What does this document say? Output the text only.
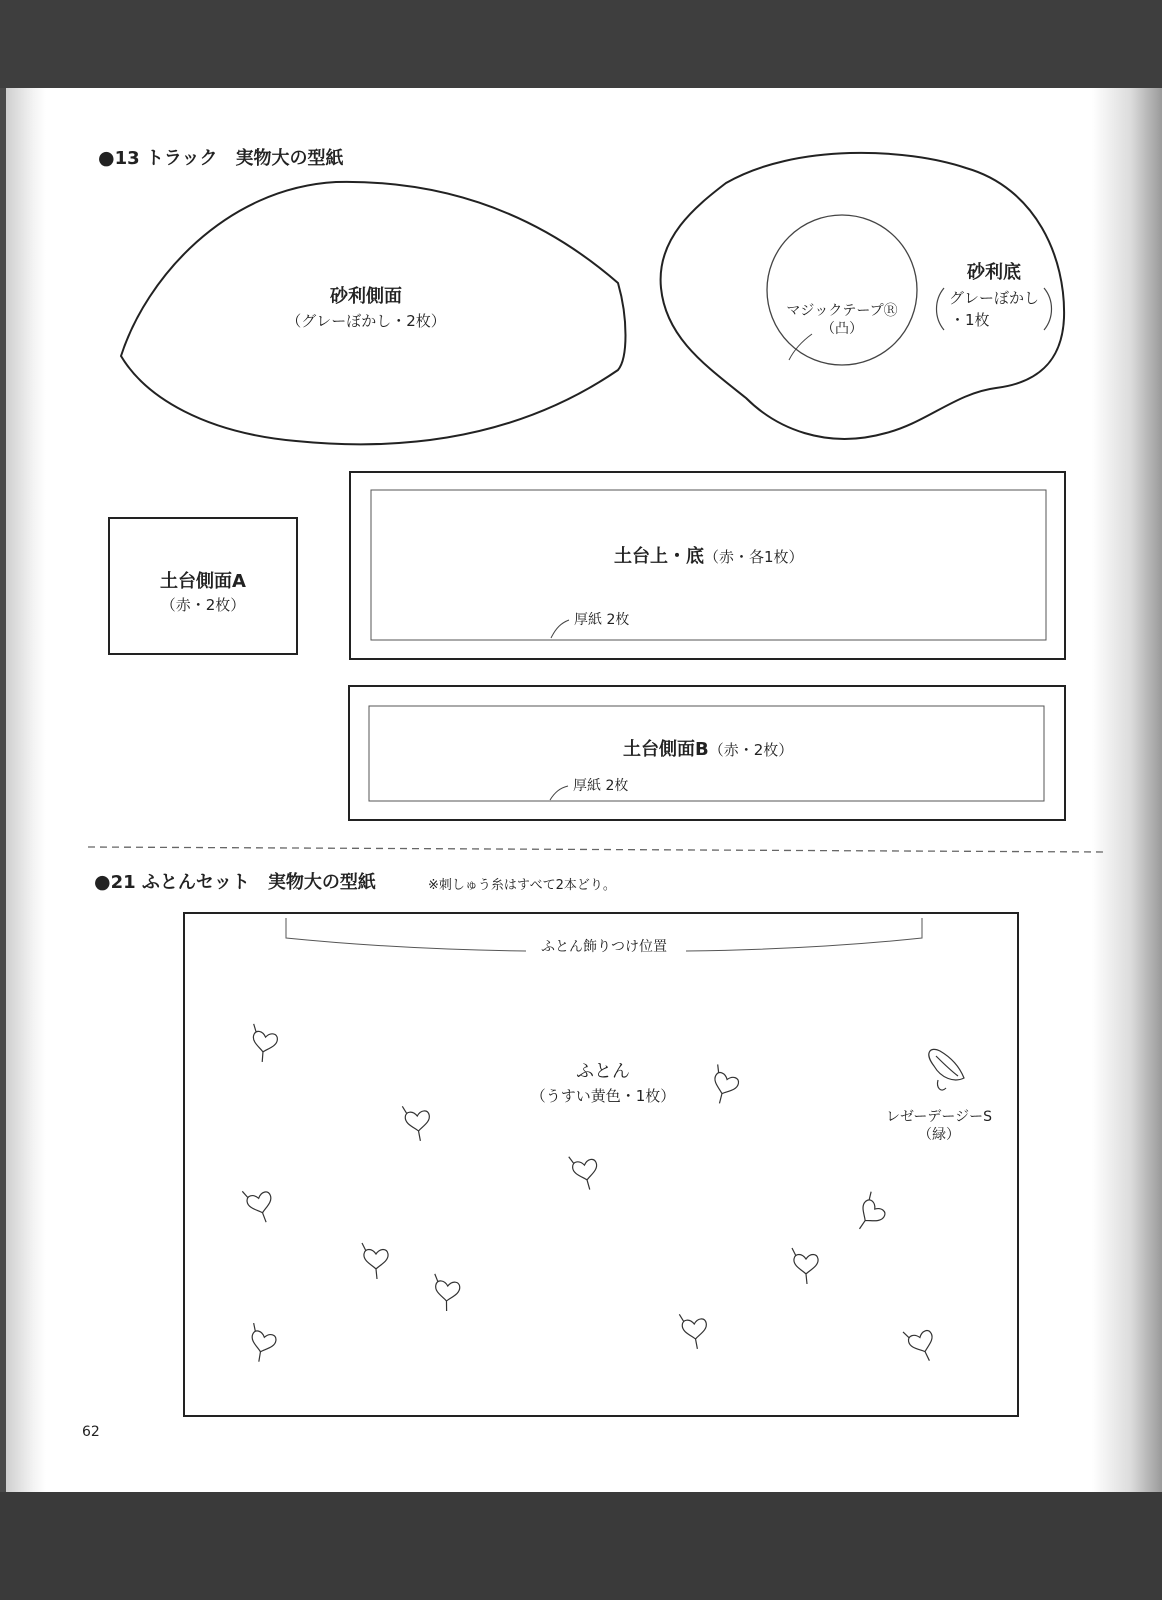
●13 トラック　実物大の型紙
砂利側面
（グレーぼかし・2枚）
砂利底
グレーぼかし
・1枚
マジックテープⓇ
（凸）
土台側面A
（赤・2枚）
土台上・底（赤・各1枚）
厚紙 2枚
土台側面B（赤・2枚）
厚紙 2枚
●21 ふとんセット　実物大の型紙	※刺しゅう糸はすべて2本どり。
ふとん飾りつけ位置
ふとん
（うすい黄色・1枚）
レゼーデージーS
（緑）
62
